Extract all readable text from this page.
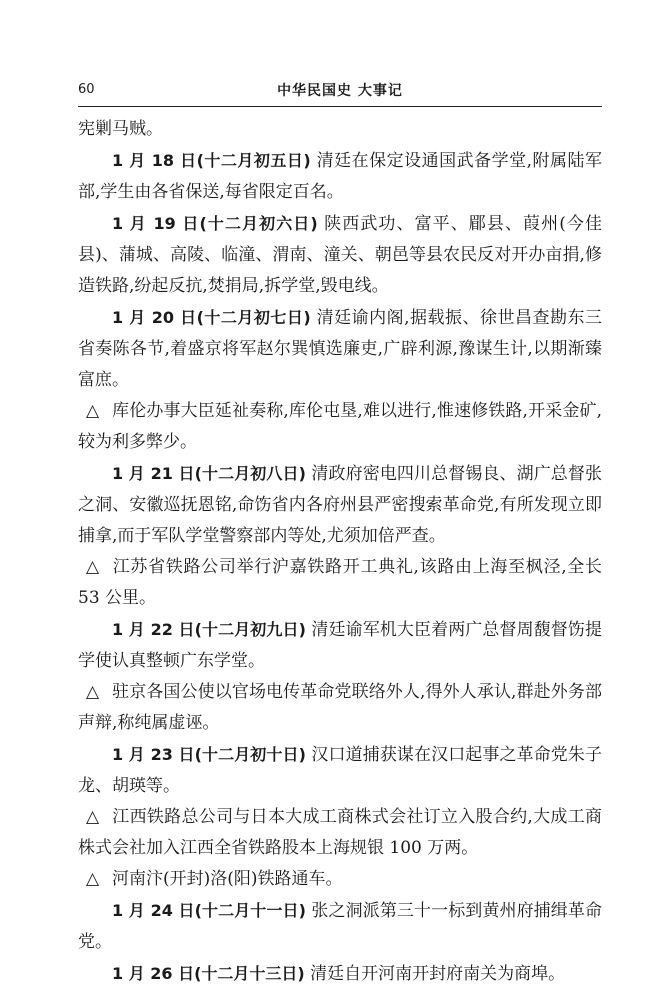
60	中华民国史 大事记

宪剿马贼。

1 月 18 日(十二月初五日) 清廷在保定设通国武备学堂,附属陆军部,学生由各省保送,每省限定百名。

1 月 19 日(十二月初六日) 陕西武功、富平、郿县、葭州(今佳县)、蒲城、高陵、临潼、渭南、潼关、朝邑等县农民反对开办亩捐,修造铁路,纷起反抗,焚捐局,拆学堂,毁电线。

1 月 20 日(十二月初七日) 清廷谕内阁,据载振、徐世昌查勘东三省奏陈各节,着盛京将军赵尔巽慎选廉吏,广辟利源,豫谋生计,以期渐臻富庶。

△ 库伦办事大臣延祉奏称,库伦屯垦,难以进行,惟速修铁路,开采金矿,较为利多弊少。

1 月 21 日(十二月初八日) 清政府密电四川总督锡良、湖广总督张之洞、安徽巡抚恩铭,命饬省内各府州县严密搜索革命党,有所发现立即捕拿,而于军队学堂警察部内等处,尤须加倍严查。

△ 江苏省铁路公司举行沪嘉铁路开工典礼,该路由上海至枫泾,全长 53 公里。

1 月 22 日(十二月初九日) 清廷谕军机大臣着两广总督周馥督饬提学使认真整顿广东学堂。

△ 驻京各国公使以官场电传革命党联络外人,得外人承认,群赴外务部声辩,称纯属虚诬。

1 月 23 日(十二月初十日) 汉口道捕获谋在汉口起事之革命党朱子龙、胡瑛等。

△ 江西铁路总公司与日本大成工商株式会社订立入股合约,大成工商株式会社加入江西全省铁路股本上海规银 100 万两。

△ 河南汴(开封)洛(阳)铁路通车。

1 月 24 日(十二月十一日) 张之洞派第三十一标到黄州府捕缉革命党。

1 月 26 日(十二月十三日) 清廷自开河南开封府南关为商埠。
